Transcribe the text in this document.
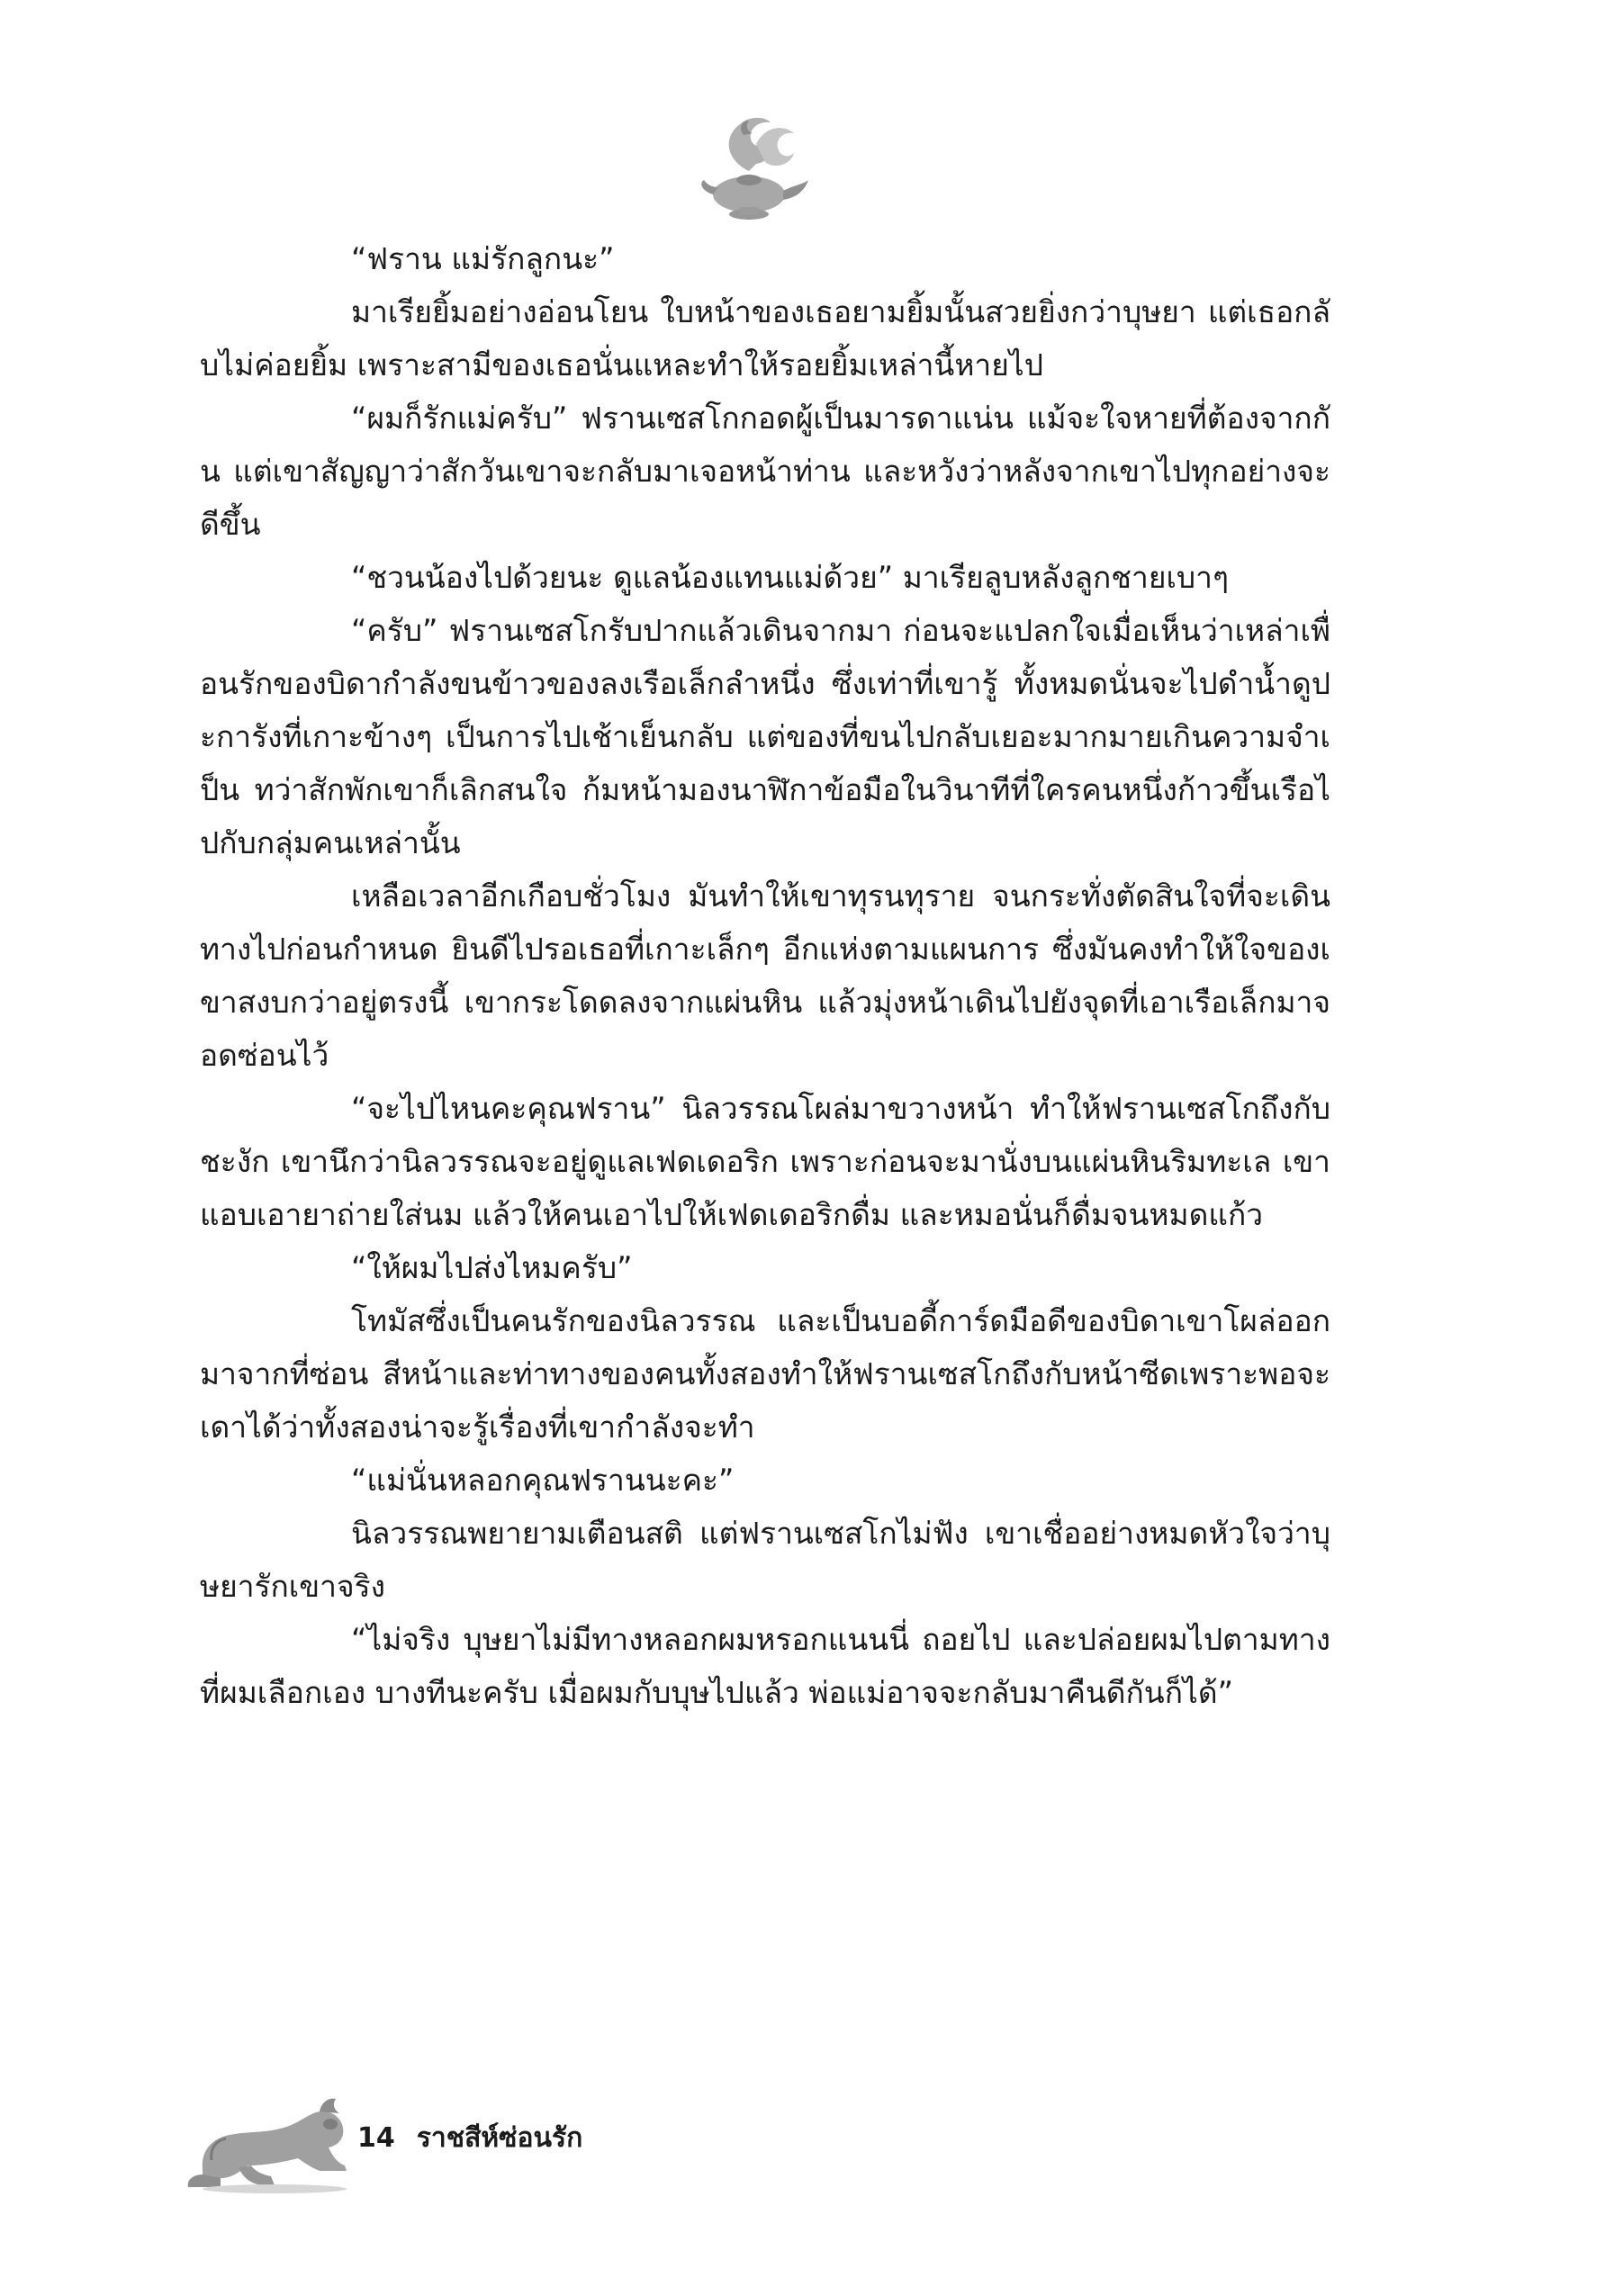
“ฟราน แม่รักลูกนะ”

มาเรียยิ้มอย่างอ่อนโยน ใบหน้าของเธอยามยิ้มนั้นสวยยิ่งกว่าบุษยา แต่เธอกลับไม่ค่อยยิ้ม เพราะสามีของเธอนั่นแหละทำให้รอยยิ้มเหล่านี้หายไป

“ผมก็รักแม่ครับ” ฟรานเซสโกกอดผู้เป็นมารดาแน่น แม้จะใจหายที่ต้องจากกัน แต่เขาสัญญาว่าสักวันเขาจะกลับมาเจอหน้าท่าน และหวังว่าหลังจากเขาไปทุกอย่างจะดีขึ้น

“ชวนน้องไปด้วยนะ ดูแลน้องแทนแม่ด้วย” มาเรียลูบหลังลูกชายเบาๆ

“ครับ” ฟรานเซสโกรับปากแล้วเดินจากมา ก่อนจะแปลกใจเมื่อเห็นว่าเหล่าเพื่อนรักของบิดากำลังขนข้าวของลงเรือเล็กลำหนึ่ง ซึ่งเท่าที่เขารู้ ทั้งหมดนั่นจะไปดำน้ำดูปะการังที่เกาะข้างๆ เป็นการไปเช้าเย็นกลับ แต่ของที่ขนไปกลับเยอะมากมายเกินความจำเป็น ทว่าสักพักเขาก็เลิกสนใจ ก้มหน้ามองนาฬิกาข้อมือในวินาทีที่ใครคนหนึ่งก้าวขึ้นเรือไปกับกลุ่มคนเหล่านั้น

เหลือเวลาอีกเกือบชั่วโมง มันทำให้เขาทุรนทุราย จนกระทั่งตัดสินใจที่จะเดินทางไปก่อนกำหนด ยินดีไปรอเธอที่เกาะเล็กๆ อีกแห่งตามแผนการ ซึ่งมันคงทำให้ใจของเขาสงบกว่าอยู่ตรงนี้ เขากระโดดลงจากแผ่นหิน แล้วมุ่งหน้าเดินไปยังจุดที่เอาเรือเล็กมาจอดซ่อนไว้

“จะไปไหนคะคุณฟราน” นิลวรรณโผล่มาขวางหน้า ทำให้ฟรานเซสโกถึงกับชะงัก เขานึกว่านิลวรรณจะอยู่ดูแลเฟดเดอริก เพราะก่อนจะมานั่งบนแผ่นหินริมทะเล เขาแอบเอายาถ่ายใส่นม แล้วให้คนเอาไปให้เฟดเดอริกดื่ม และหมอนั่นก็ดื่มจนหมดแก้ว

“ให้ผมไปส่งไหมครับ”

โทมัสซึ่งเป็นคนรักของนิลวรรณ และเป็นบอดี้การ์ดมือดีของบิดาเขาโผล่ออกมาจากที่ซ่อน สีหน้าและท่าทางของคนทั้งสองทำให้ฟรานเซสโกถึงกับหน้าซีดเพราะพอจะเดาได้ว่าทั้งสองน่าจะรู้เรื่องที่เขากำลังจะทำ

“แม่นั่นหลอกคุณฟรานนะคะ”

นิลวรรณพยายามเตือนสติ แต่ฟรานเซสโกไม่ฟัง เขาเชื่ออย่างหมดหัวใจว่าบุษยารักเขาจริง

“ไม่จริง บุษยาไม่มีทางหลอกผมหรอกแนนนี่ ถอยไป และปล่อยผมไปตามทางที่ผมเลือกเอง บางทีนะครับ เมื่อผมกับบุษไปแล้ว พ่อแม่อาจจะกลับมาคืนดีกันก็ได้”

14 ราชสีห์ซ่อนรัก
